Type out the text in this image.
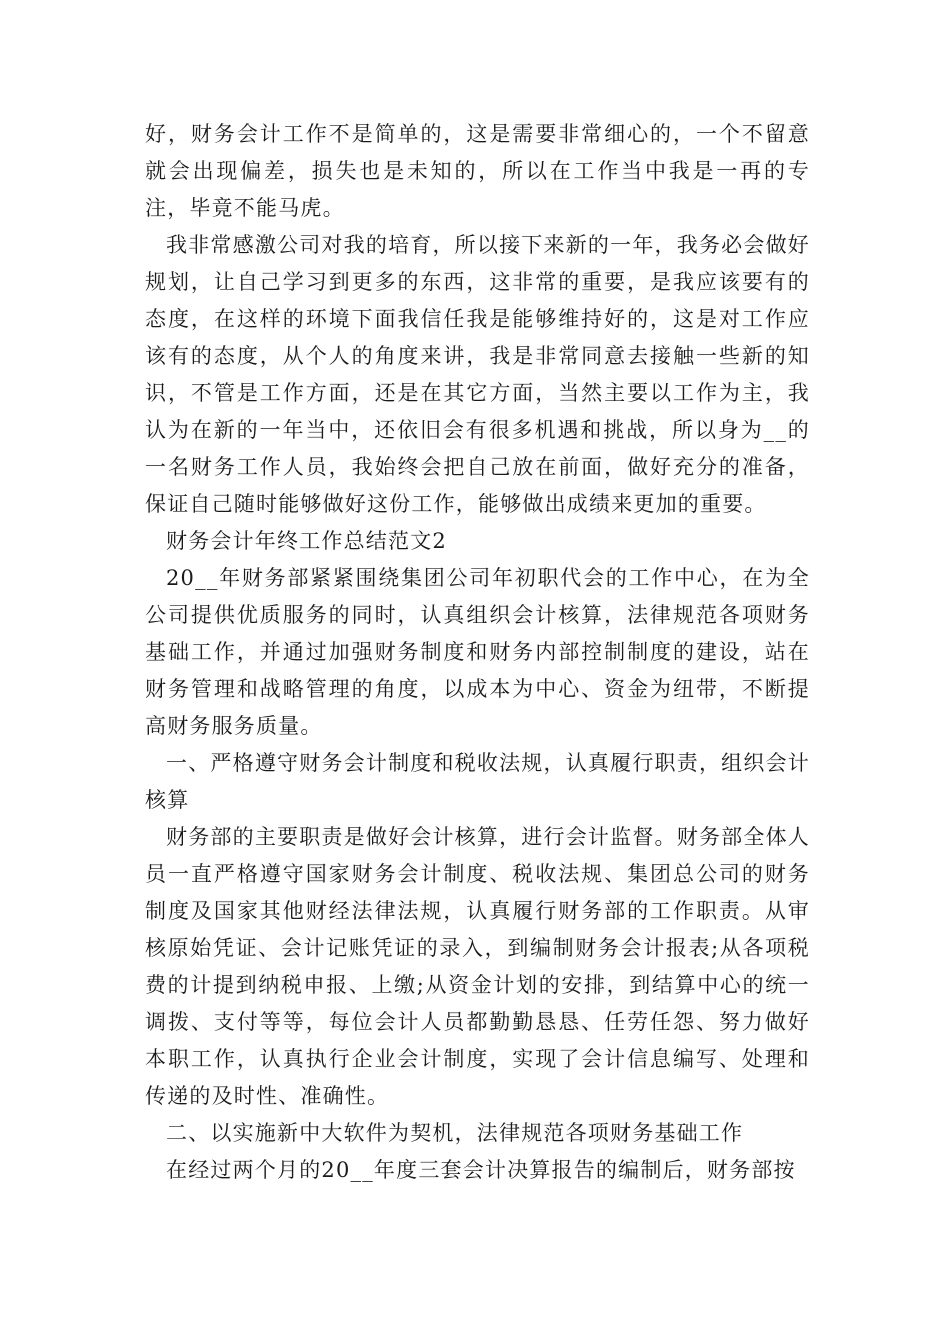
好，财务会计工作不是简单的，这是需要非常细心的，一个不留意就会出现偏差，损失也是未知的，所以在工作当中我是一再的专注，毕竟不能马虎。

我非常感激公司对我的培育，所以接下来新的一年，我务必会做好规划，让自己学习到更多的东西，这非常的重要，是我应该要有的态度，在这样的环境下面我信任我是能够维持好的，这是对工作应该有的态度，从个人的角度来讲，我是非常同意去接触一些新的知识，不管是工作方面，还是在其它方面，当然主要以工作为主，我认为在新的一年当中，还依旧会有很多机遇和挑战，所以身为__的一名财务工作人员，我始终会把自己放在前面，做好充分的准备，保证自己随时能够做好这份工作，能够做出成绩来更加的重要。

财务会计年终工作总结范文2

20__年财务部紧紧围绕集团公司年初职代会的工作中心，在为全公司提供优质服务的同时，认真组织会计核算，法律规范各项财务基础工作，并通过加强财务制度和财务内部控制制度的建设，站在财务管理和战略管理的角度，以成本为中心、资金为纽带，不断提高财务服务质量。

一、严格遵守财务会计制度和税收法规，认真履行职责，组织会计核算

财务部的主要职责是做好会计核算，进行会计监督。财务部全体人员一直严格遵守国家财务会计制度、税收法规、集团总公司的财务制度及国家其他财经法律法规，认真履行财务部的工作职责。从审核原始凭证、会计记账凭证的录入，到编制财务会计报表;从各项税费的计提到纳税申报、上缴;从资金计划的安排，到结算中心的统一调拨、支付等等，每位会计人员都勤勤恳恳、任劳任怨、努力做好本职工作，认真执行企业会计制度，实现了会计信息编写、处理和传递的及时性、准确性。

二、以实施新中大软件为契机，法律规范各项财务基础工作

在经过两个月的20__年度三套会计决算报告的编制后，财务部按
